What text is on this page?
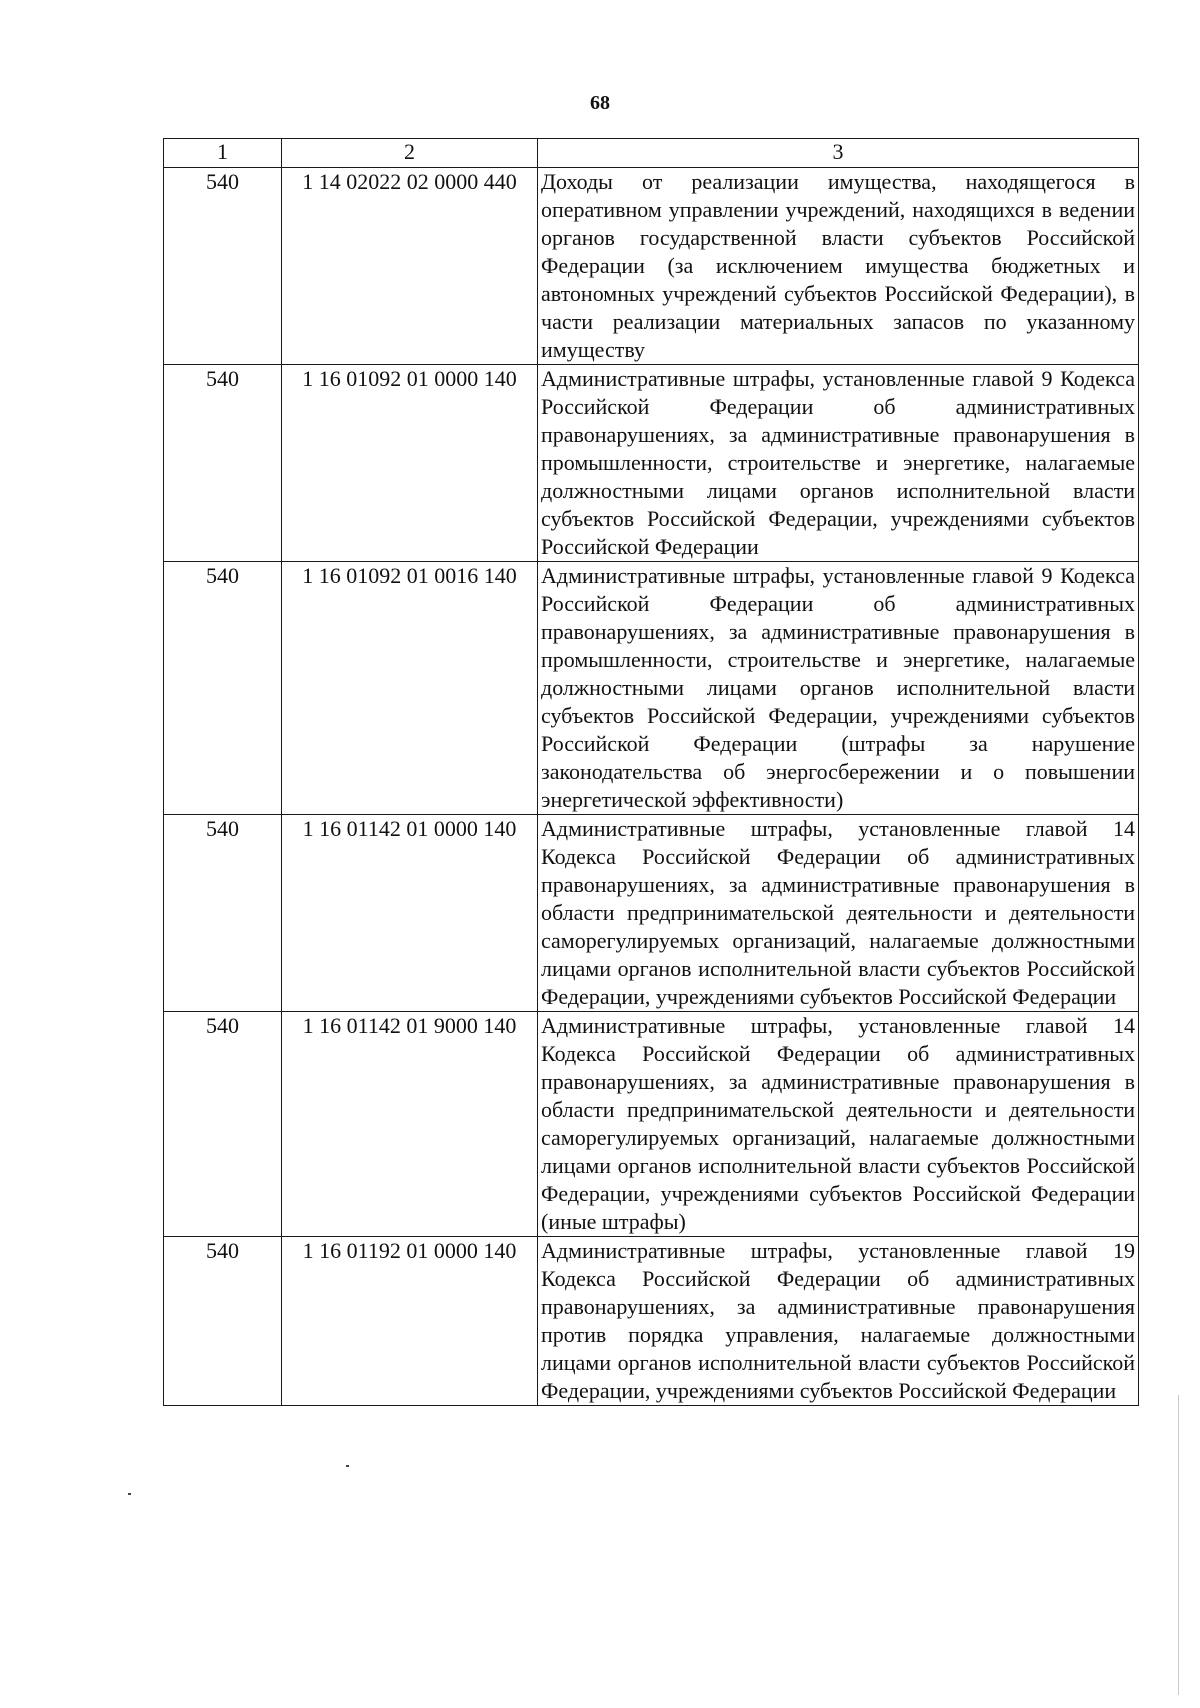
68
1	2	3
540	1 14 02022 02 0000 440	Доходы от реализации имущества, находящегося в оперативном управлении учреждений, находящихся в ведении органов государственной власти субъектов Российской Федерации (за исключением имущества бюджетных и автономных учреждений субъектов Российской Федерации), в части реализации материальных запасов по указанному имуществу
540	1 16 01092 01 0000 140	Административные штрафы, установленные главой 9 Кодекса Российской Федерации об административных правонарушениях, за административные правонарушения в промышленности, строительстве и энергетике, налагаемые должностными лицами органов исполнительной власти субъектов Российской Федерации, учреждениями субъектов Российской Федерации
540	1 16 01092 01 0016 140	Административные штрафы, установленные главой 9 Кодекса Российской Федерации об административных правонарушениях, за административные правонарушения в промышленности, строительстве и энергетике, налагаемые должностными лицами органов исполнительной власти субъектов Российской Федерации, учреждениями субъектов Российской Федерации (штрафы за нарушение законодательства об энергосбережении и о повышении энергетической эффективности)
540	1 16 01142 01 0000 140	Административные штрафы, установленные главой 14 Кодекса Российской Федерации об административных правонарушениях, за административные правонарушения в области предпринимательской деятельности и деятельности саморегулируемых организаций, налагаемые должностными лицами органов исполнительной власти субъектов Российской Федерации, учреждениями субъектов Российской Федерации
540	1 16 01142 01 9000 140	Административные штрафы, установленные главой 14 Кодекса Российской Федерации об административных правонарушениях, за административные правонарушения в области предпринимательской деятельности и деятельности саморегулируемых организаций, налагаемые должностными лицами органов исполнительной власти субъектов Российской Федерации, учреждениями субъектов Российской Федерации (иные штрафы)
540	1 16 01192 01 0000 140	Административные штрафы, установленные главой 19 Кодекса Российской Федерации об административных правонарушениях, за административные правонарушения против порядка управления, налагаемые должностными лицами органов исполнительной власти субъектов Российской Федерации, учреждениями субъектов Российской Федерации
